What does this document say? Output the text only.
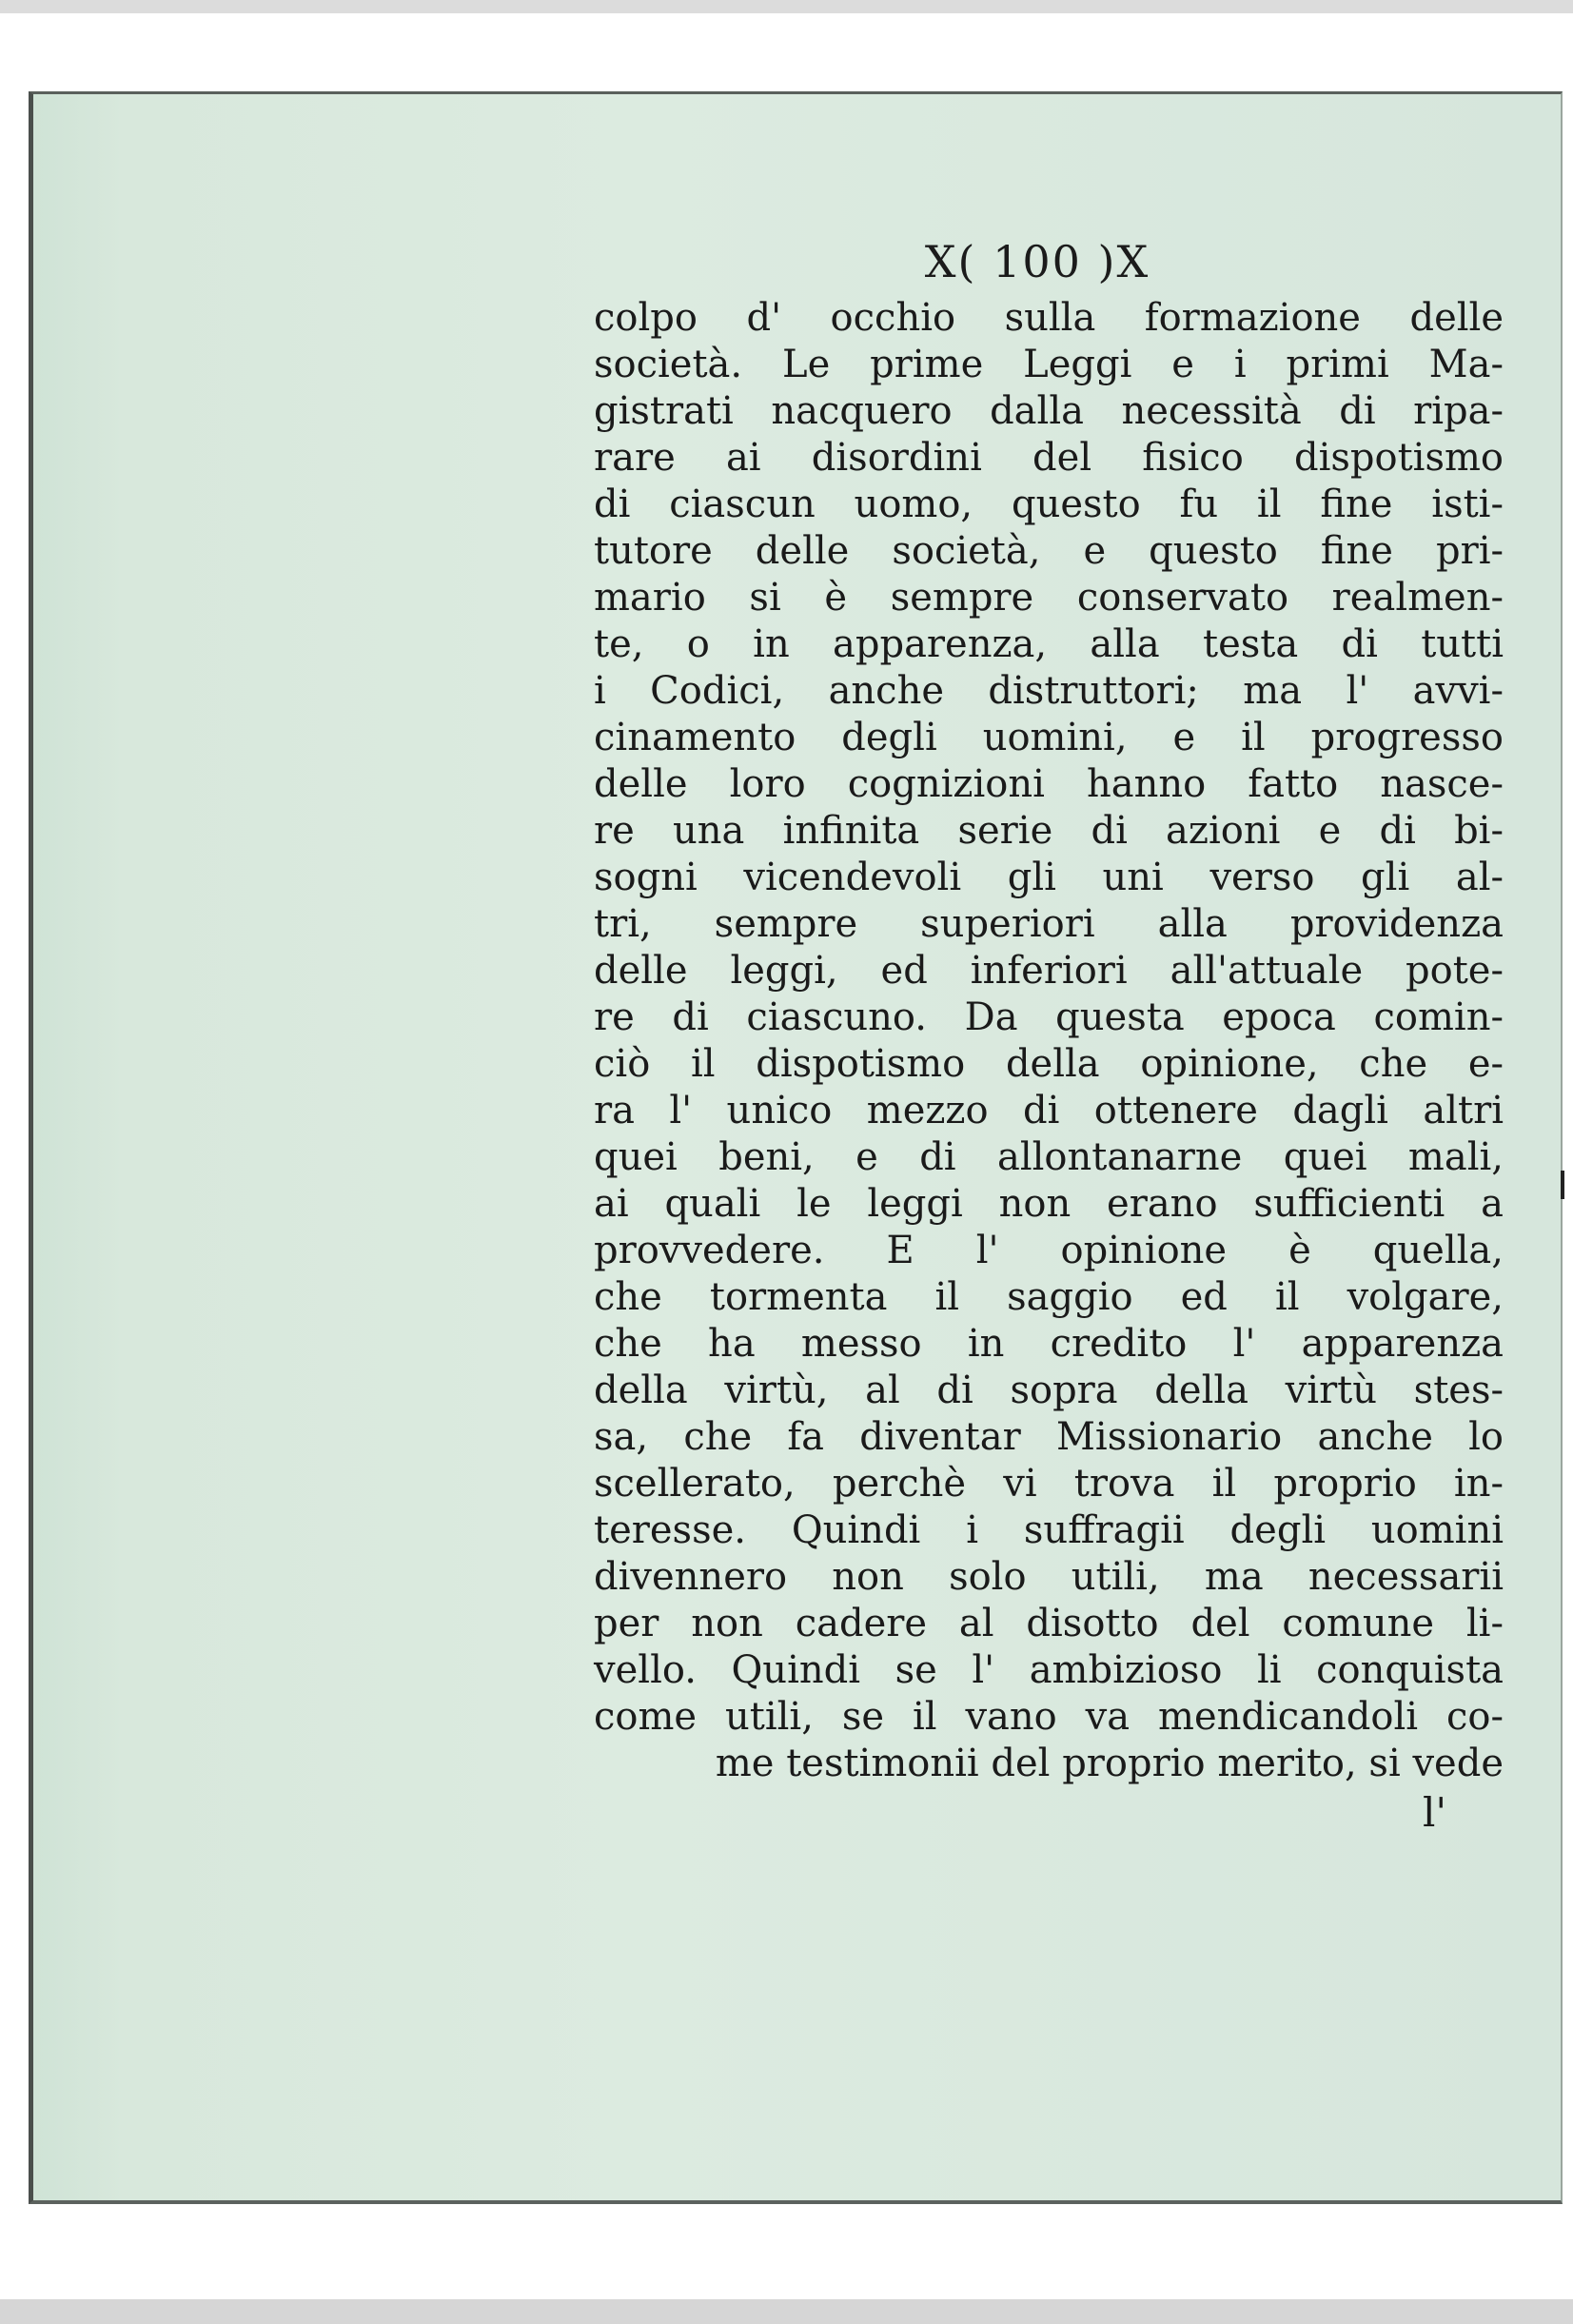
Ⅹ( 100 )Ⅹ
colpo d' occhio sulla formazione delle
società. Le prime Leggi e i primi Ma-
gistrati nacquero dalla necessità di ripa-
rare ai disordini del fisico dispotismo
di ciascun uomo, questo fu il fine isti-
tutore delle società, e questo fine pri-
mario si è sempre conservato realmen-
te, o in apparenza, alla testa di tutti
i Codici, anche distruttori; ma l' avvi-
cinamento degli uomini, e il progresso
delle loro cognizioni hanno fatto nasce-
re una infinita serie di azioni e di bi-
sogni vicendevoli gli uni verso gli al-
tri, sempre superiori alla providenza
delle leggi, ed inferiori all'attuale pote-
re di ciascuno. Da questa epoca comin-
ciò il dispotismo della opinione, che e-
ra l' unico mezzo di ottenere dagli altri
quei beni, e di allontanarne quei mali,
ai quali le leggi non erano sufficienti a
provvedere. E l' opinione è quella,
che tormenta il saggio ed il volgare,
che ha messo in credito l' apparenza
della virtù, al di sopra della virtù stes-
sa, che fa diventar Missionario anche lo
scellerato, perchè vi trova il proprio in-
teresse. Quindi i suffragii degli uomini
divennero non solo utili, ma necessarii
per non cadere al disotto del comune li-
vello. Quindi se l' ambizioso li conquista
come utili, se il vano va mendicandoli co-
me testimonii del proprio merito, si vede
l'
